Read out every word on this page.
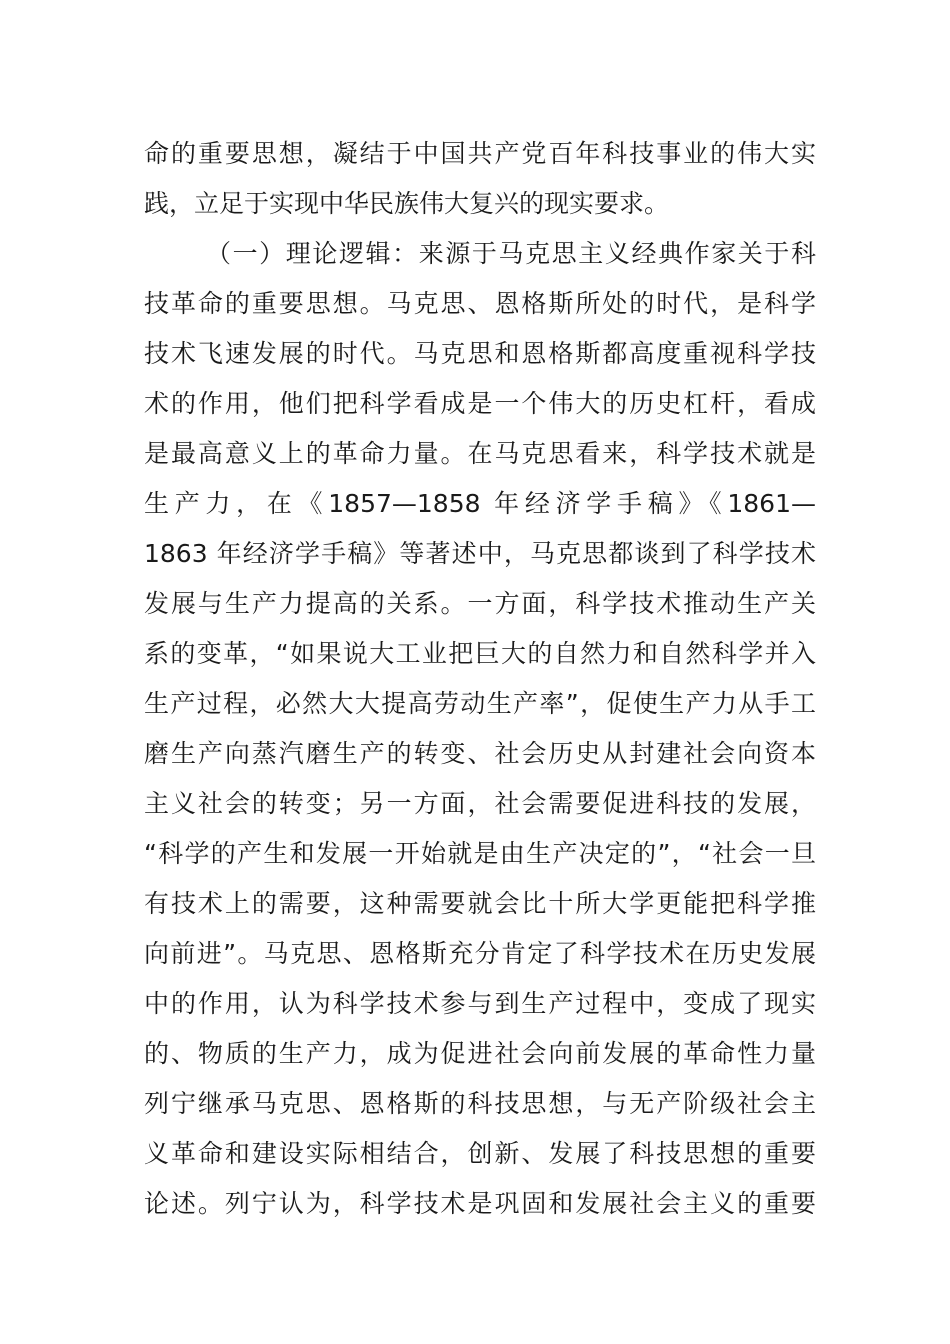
命的重要思想，凝结于中国共产党百年科技事业的伟大实
践，立足于实现中华民族伟大复兴的现实要求。
（一）理论逻辑：来源于马克思主义经典作家关于科
技革命的重要思想。马克思、恩格斯所处的时代，是科学
技术飞速发展的时代。马克思和恩格斯都高度重视科学技
术的作用，他们把科学看成是一个伟大的历史杠杆，看成
是最高意义上的革命力量。在马克思看来，科学技术就是
生产力，在《1857—1858 年经济学手稿》《1861—
1863 年经济学手稿》等著述中，马克思都谈到了科学技术
发展与生产力提高的关系。一方面，科学技术推动生产关
系的变革，“如果说大工业把巨大的自然力和自然科学并入
生产过程，必然大大提高劳动生产率”，促使生产力从手工
磨生产向蒸汽磨生产的转变、社会历史从封建社会向资本
主义社会的转变；另一方面，社会需要促进科技的发展，
“科学的产生和发展一开始就是由生产决定的”，“社会一旦
有技术上的需要，这种需要就会比十所大学更能把科学推
向前进”。马克思、恩格斯充分肯定了科学技术在历史发展
中的作用，认为科学技术参与到生产过程中，变成了现实
的、物质的生产力，成为促进社会向前发展的革命性力量
列宁继承马克思、恩格斯的科技思想，与无产阶级社会主
义革命和建设实际相结合，创新、发展了科技思想的重要
论述。列宁认为，科学技术是巩固和发展社会主义的重要
